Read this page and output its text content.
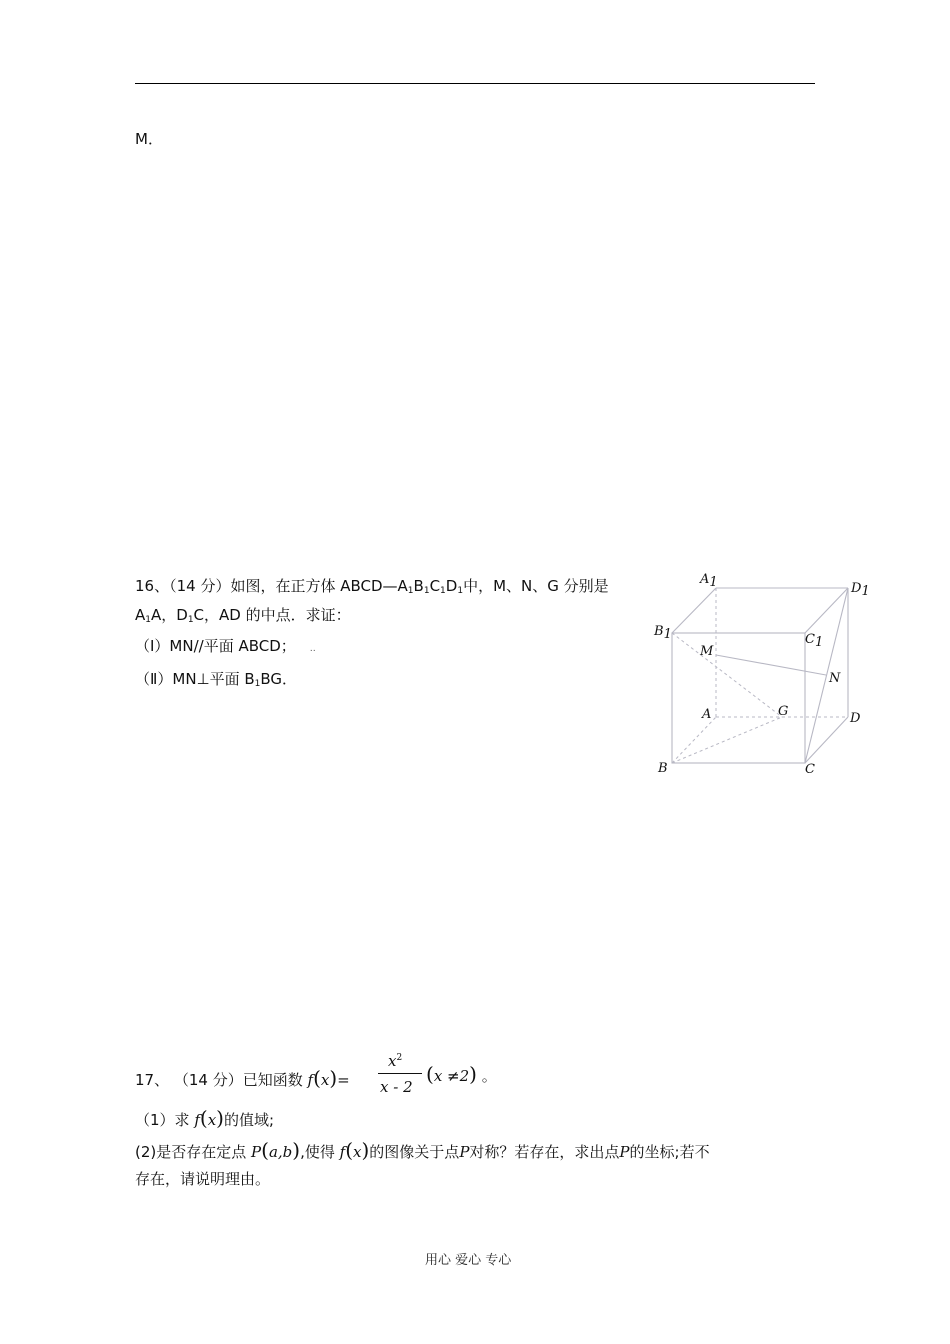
M．
16、（14 分）如图，在正方体 $ABCD—A_1B_1C_1D_1$中，M、N、G 分别是
$A_1A$，$D_1C$，AD 的中点．求证：
（Ⅰ）MN//平面 ABCD； ‥
（Ⅱ）MN⊥平面 $B_1BG$．
A1	D1
B1	C1
M
N
A	G	D
B	C
17、 （14 分）已知函数 f(x)=
$x^2$
x - 2
(x ≠2) 。
（1）求 f(x)的值域;
(2)是否存在定点 P(a,b),使得 f(x)的图像关于点P对称？若存在，求出点P的坐标;若不
存在，请说明理由。
用心 爱心 专心
